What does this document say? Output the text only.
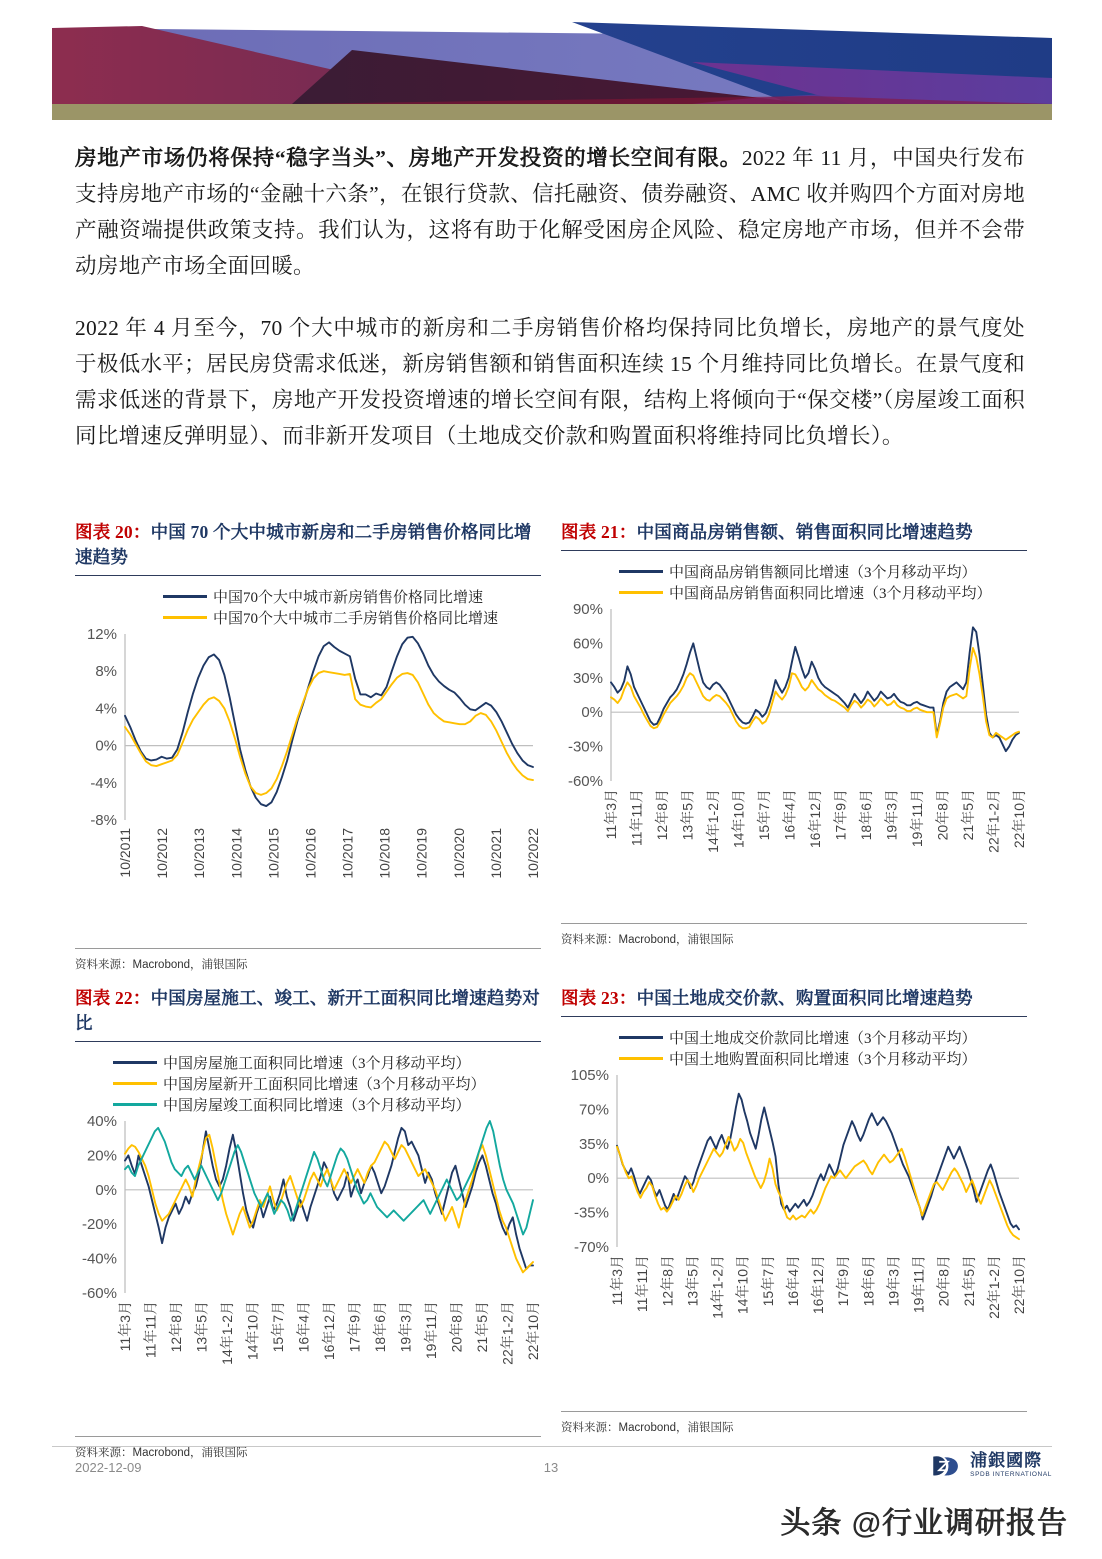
房地产市场仍将保持“稳字当头”、房地产开发投资的增长空间有限。2022 年 11 月，中国央行发布支持房地产市场的“金融十六条”，在银行贷款、信托融资、债券融资、AMC 收并购四个方面对房地产融资端提供政策支持。我们认为，这将有助于化解受困房企风险、稳定房地产市场，但并不会带动房地产市场全面回暖。

2022 年 4 月至今，70 个大中城市的新房和二手房销售价格均保持同比负增长，房地产的景气度处于极低水平；居民房贷需求低迷，新房销售额和销售面积连续 15 个月维持同比负增长。在景气度和需求低迷的背景下，房地产开发投资增速的增长空间有限，结构上将倾向于“保交楼”（房屋竣工面积同比增速反弹明显）、而非新开发项目（土地成交价款和购置面积将维持同比负增长）。

图表 20：中国 70 个大中城市新房和二手房销售价格同比增速趋势
中国70个大中城市新房销售价格同比增速
中国70个大中城市二手房销售价格同比增速
12%
8%
4%
0%
-4%
-8%
10/2011 10/2012 10/2013 10/2014 10/2015 10/2016 10/2017 10/2018 10/2019 10/2020 10/2021 10/2022
资料来源：Macrobond，浦银国际
图表 21：中国商品房销售额、销售面积同比增速趋势
中国商品房销售额同比增速（3个月移动平均）
中国商品房销售面积同比增速（3个月移动平均）
90%
60%
30%
0%
-30%
-60%
11年3月 11年11月 12年8月 13年5月 14年1-2月 14年10月 15年7月 16年4月 16年12月 17年9月 18年6月 19年3月 19年11月 20年8月 21年5月 22年1-2月 22年10月
资料来源：Macrobond，浦银国际
图表 22：中国房屋施工、竣工、新开工面积同比增速趋势对比
中国房屋施工面积同比增速（3个月移动平均）
中国房屋新开工面积同比增速（3个月移动平均）
中国房屋竣工面积同比增速（3个月移动平均）
40%
20%
0%
-20%
-40%
-60%
11年3月 11年11月 12年8月 13年5月 14年1-2月 14年10月 15年7月 16年4月 16年12月 17年9月 18年6月 19年3月 19年11月 20年8月 21年5月 22年1-2月 22年10月
资料来源：Macrobond，浦银国际
图表 23：中国土地成交价款、购置面积同比增速趋势
中国土地成交价款同比增速（3个月移动平均）
中国土地购置面积同比增速（3个月移动平均）
105%
70%
35%
0%
-35%
-70%
11年3月 11年11月 12年8月 13年5月 14年1-2月 14年10月 15年7月 16年4月 16年12月 17年9月 18年6月 19年3月 19年11月 20年8月 21年5月 22年1-2月 22年10月
资料来源：Macrobond，浦银国际
2022-12-09	13	浦銀國際
SPDB INTERNATIONAL
头条 @行业调研报告
